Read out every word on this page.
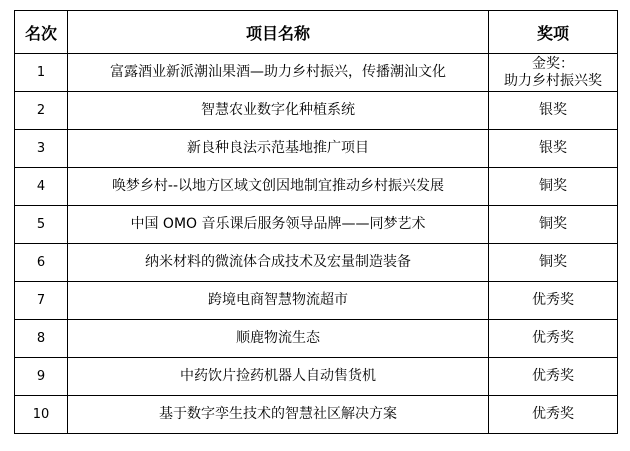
名次	项目名称	奖项
1	富露酒业新派潮汕果酒—助力乡村振兴，传播潮汕文化	金奖：
助力乡村振兴奖

2	智慧农业数字化种植系统	银奖

3	新良种良法示范基地推广项目	银奖

4	唤梦乡村--以地方区域文创因地制宜推动乡村振兴发展	铜奖

5	中国 OMO 音乐课后服务领导品牌——同梦艺术	铜奖

6	纳米材料的微流体合成技术及宏量制造装备	铜奖

7	跨境电商智慧物流超市	优秀奖

8	顺鹿物流生态	优秀奖

9	中药饮片捡药机器人自动售货机	优秀奖

10	基于数字孪生技术的智慧社区解决方案	优秀奖
